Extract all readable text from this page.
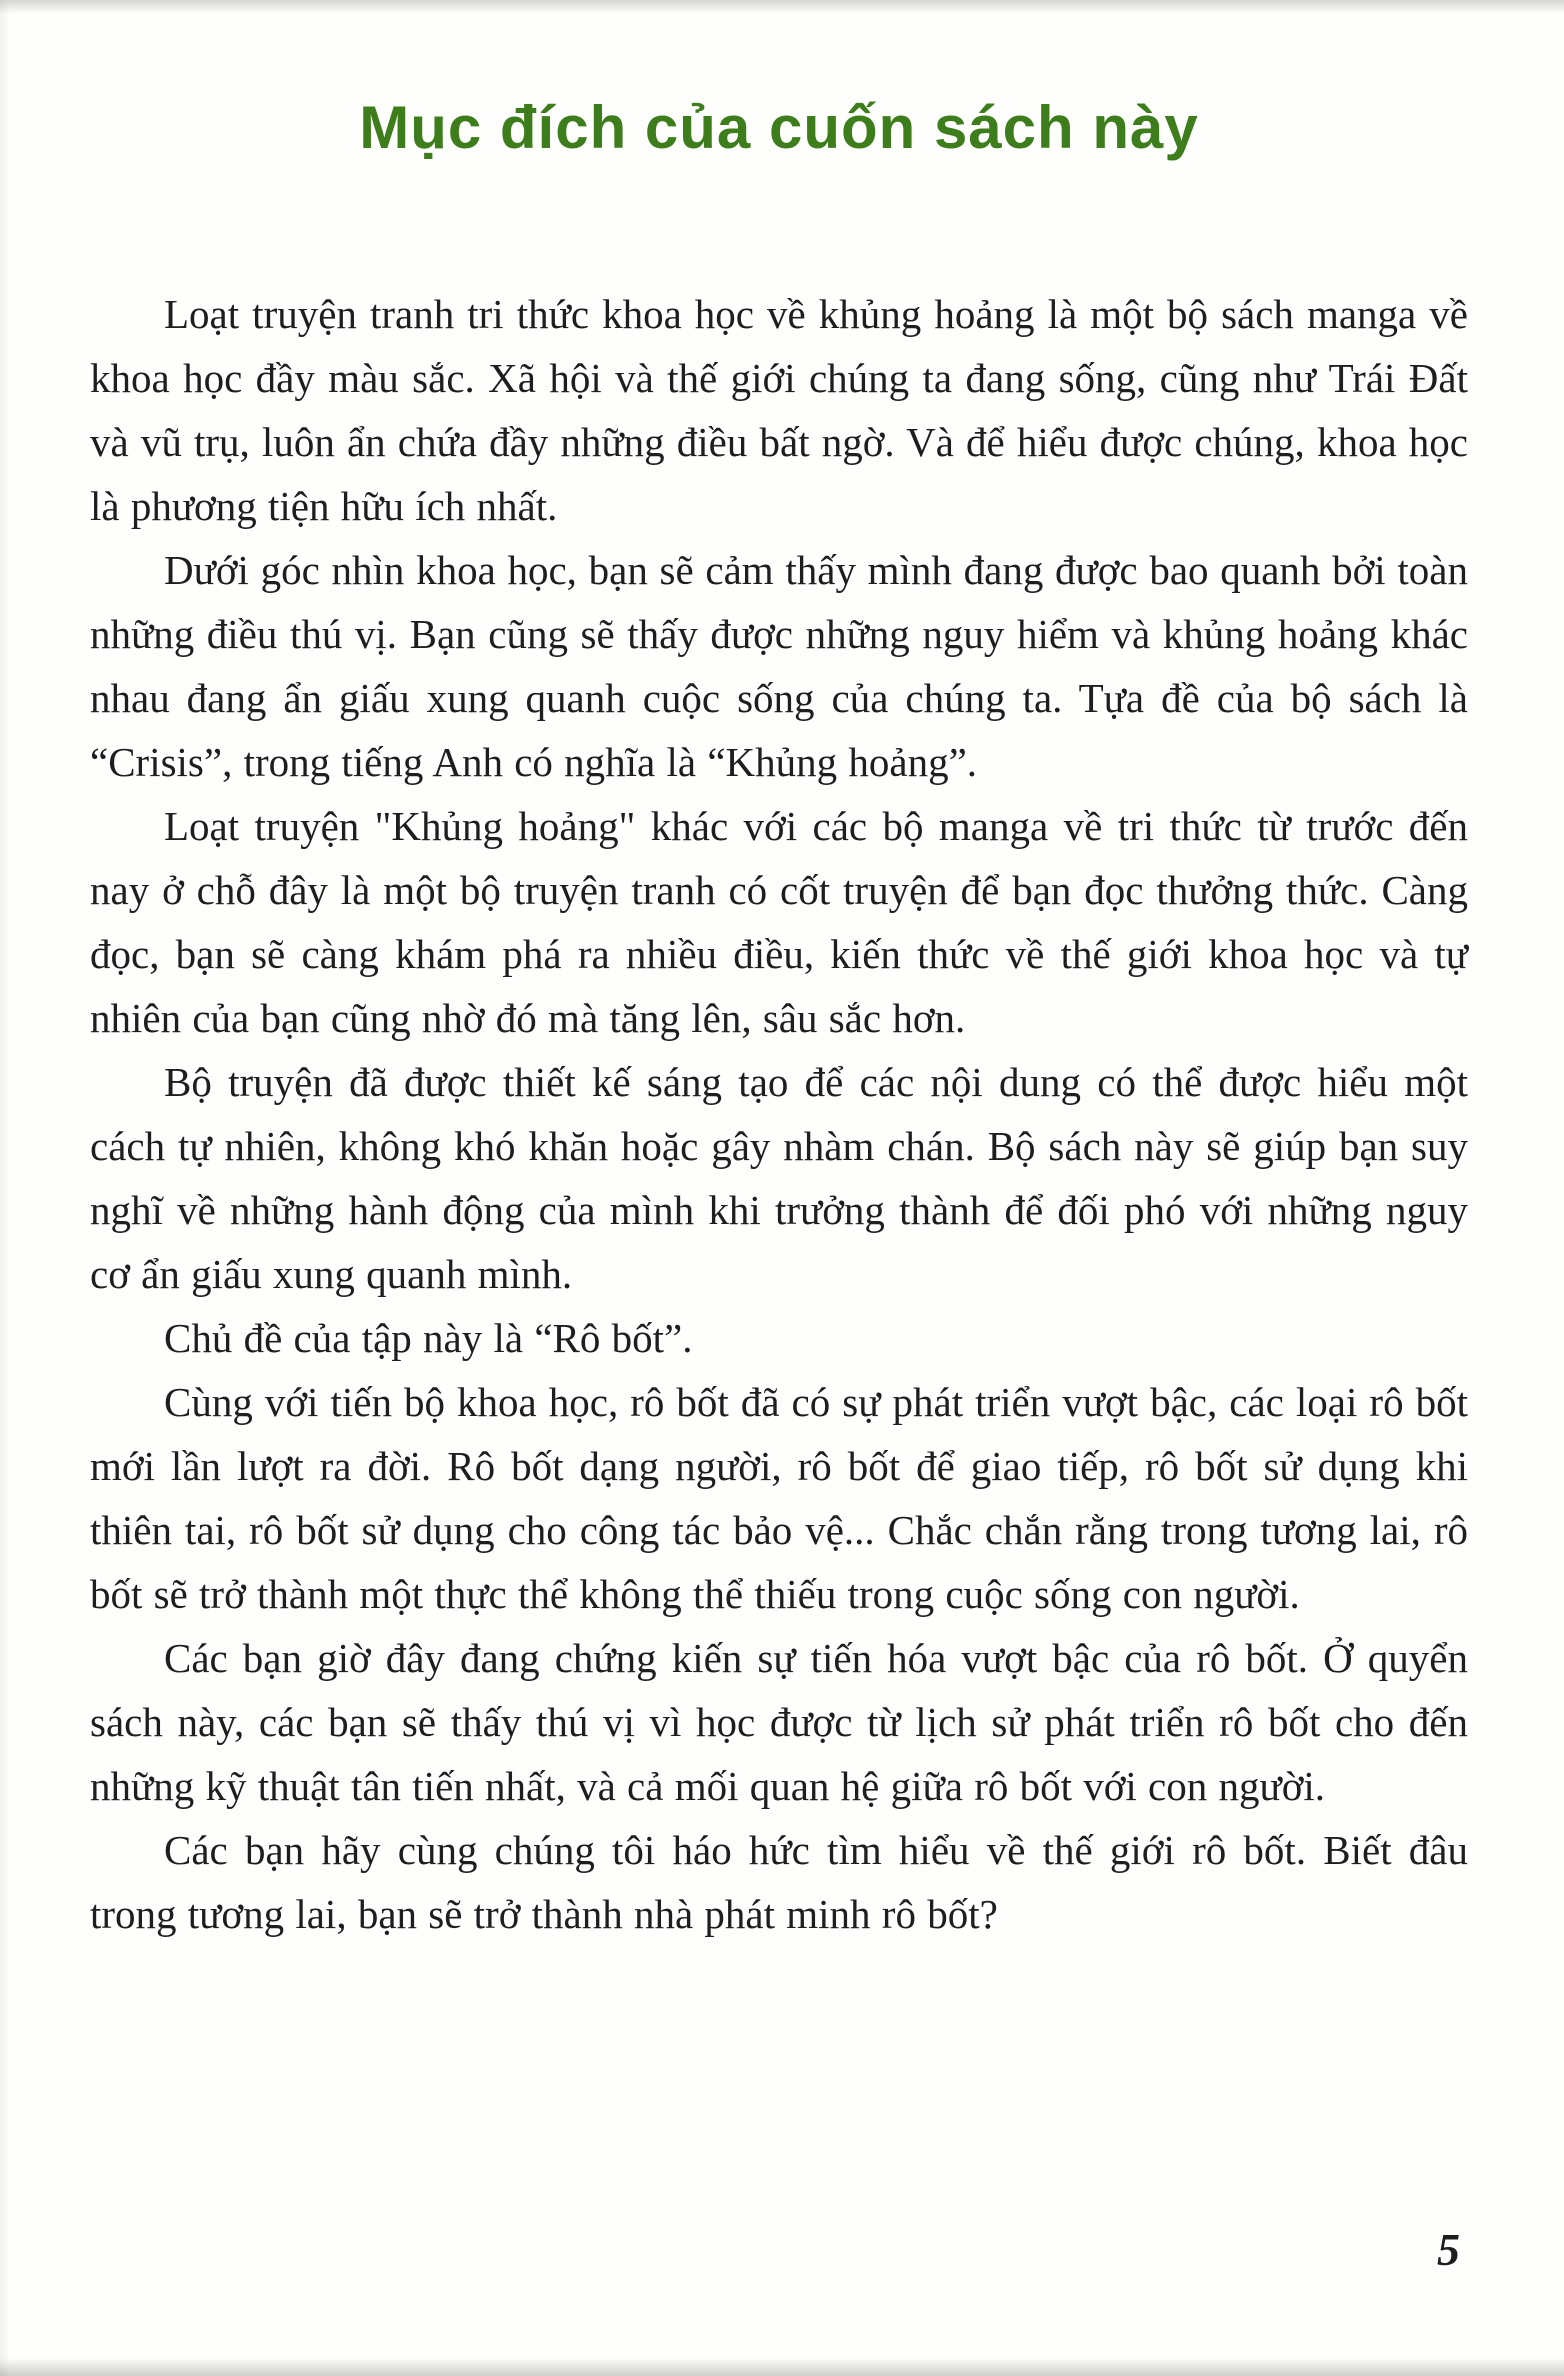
Mục đích của cuốn sách này

Loạt truyện tranh tri thức khoa học về khủng hoảng là một bộ sách manga về khoa học đầy màu sắc. Xã hội và thế giới chúng ta đang sống, cũng như Trái Đất và vũ trụ, luôn ẩn chứa đầy những điều bất ngờ. Và để hiểu được chúng, khoa học là phương tiện hữu ích nhất.

Dưới góc nhìn khoa học, bạn sẽ cảm thấy mình đang được bao quanh bởi toàn những điều thú vị. Bạn cũng sẽ thấy được những nguy hiểm và khủng hoảng khác nhau đang ẩn giấu xung quanh cuộc sống của chúng ta. Tựa đề của bộ sách là “Crisis”, trong tiếng Anh có nghĩa là “Khủng hoảng”.

Loạt truyện "Khủng hoảng" khác với các bộ manga về tri thức từ trước đến nay ở chỗ đây là một bộ truyện tranh có cốt truyện để bạn đọc thưởng thức. Càng đọc, bạn sẽ càng khám phá ra nhiều điều, kiến thức về thế giới khoa học và tự nhiên của bạn cũng nhờ đó mà tăng lên, sâu sắc hơn.

Bộ truyện đã được thiết kế sáng tạo để các nội dung có thể được hiểu một cách tự nhiên, không khó khăn hoặc gây nhàm chán. Bộ sách này sẽ giúp bạn suy nghĩ về những hành động của mình khi trưởng thành để đối phó với những nguy cơ ẩn giấu xung quanh mình.

Chủ đề của tập này là “Rô bốt”.

Cùng với tiến bộ khoa học, rô bốt đã có sự phát triển vượt bậc, các loại rô bốt mới lần lượt ra đời. Rô bốt dạng người, rô bốt để giao tiếp, rô bốt sử dụng khi thiên tai, rô bốt sử dụng cho công tác bảo vệ... Chắc chắn rằng trong tương lai, rô bốt sẽ trở thành một thực thể không thể thiếu trong cuộc sống con người.

Các bạn giờ đây đang chứng kiến sự tiến hóa vượt bậc của rô bốt. Ở quyển sách này, các bạn sẽ thấy thú vị vì học được từ lịch sử phát triển rô bốt cho đến những kỹ thuật tân tiến nhất, và cả mối quan hệ giữa rô bốt với con người.

Các bạn hãy cùng chúng tôi háo hức tìm hiểu về thế giới rô bốt. Biết đâu trong tương lai, bạn sẽ trở thành nhà phát minh rô bốt?

5
